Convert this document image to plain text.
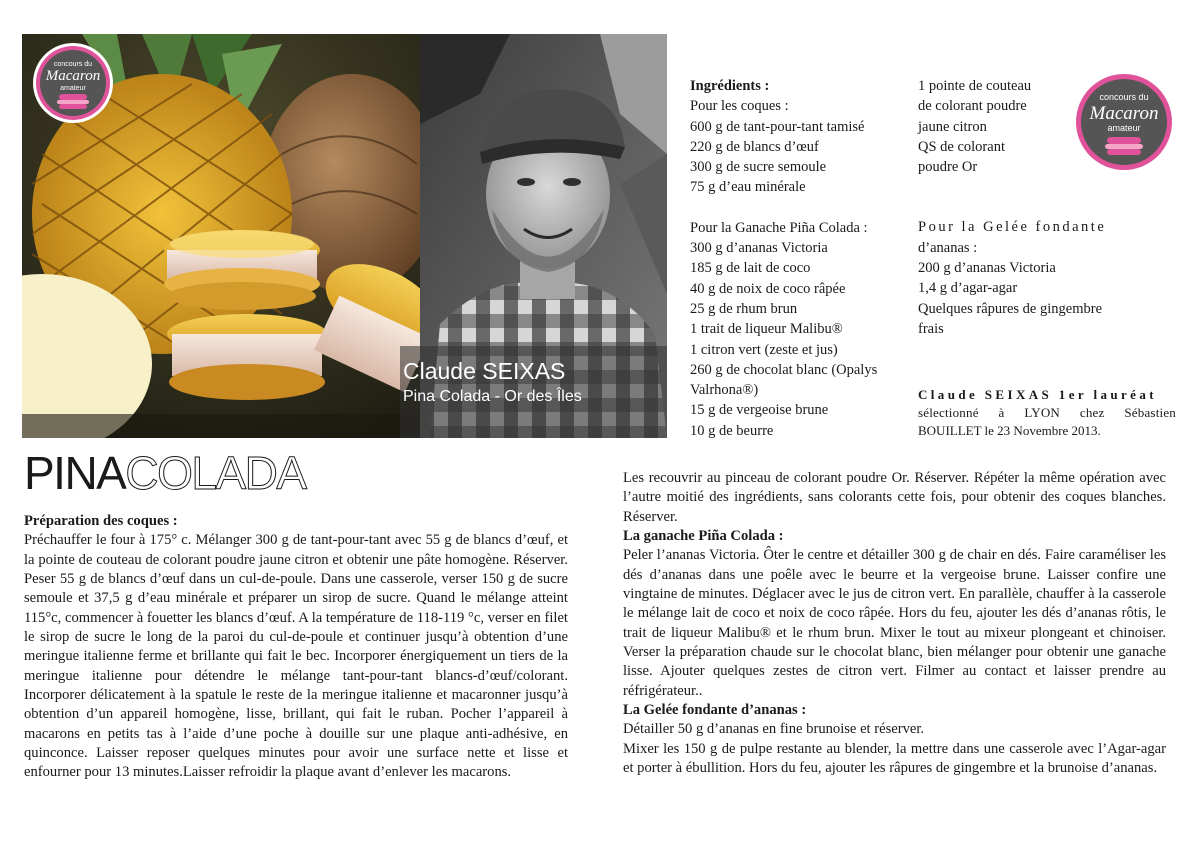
concours du
Macaron
amateur
Claude SEIXAS
Pina Colada - Or des Îles
Ingrédients :
Pour les coques :
600 g de tant-pour-tant tamisé
220 g de blancs d’œuf
300 g de sucre semoule
75 g d’eau minérale
Pour la Ganache Piña Colada :
300 g d’ananas Victoria
185 g de lait de coco
40 g de noix de coco râpée
25 g de rhum brun
1 trait de liqueur Malibu®
1 citron vert (zeste et jus)
260 g de chocolat blanc (Opalys
Valrhona®)
15 g de vergeoise brune
10 g de beurre
1 pointe de couteau
de colorant poudre
jaune citron
QS de colorant
poudre Or
Pour la Gelée fondante
d’ananas :
200 g d’ananas Victoria
1,4 g d’agar-agar
Quelques râpures de gingembre
frais
concours du
Macaron
amateur
Claude SEIXAS 1er lauréat
sélectionné à LYON chez Sébastien
BOUILLET le 23 Novembre 2013.
PINACOLADA
Préparation des coques :

Préchauffer le four à 175° c. Mélanger 300 g de tant-pour-tant avec 55 g de blancs d’œuf, et la pointe de couteau de colorant poudre jaune citron et obtenir une pâte homogène. Réserver. Peser 55 g de blancs d’œuf dans un cul-de-poule. Dans une casserole, verser 150 g de sucre semoule et 37,5 g d’eau minérale et préparer un sirop de sucre. Quand le mélange atteint 115°c, commencer à fouetter les blancs d’œuf. A la température de 118-119 °c, verser en filet le sirop de sucre le long de la paroi du cul-de-poule et continuer jusqu’à obtention d’une meringue italienne ferme et brillante qui fait le bec. Incorporer énergiquement un tiers de la meringue italienne pour détendre le mélange tant-pour-tant blancs-d’œuf/colorant. Incorporer délicatement à la spatule le reste de la meringue italienne et macaronner jusqu’à obtention d’un appareil homogène, lisse, brillant, qui fait le ruban. Pocher l’appareil à macarons en petits tas à l’aide d’une poche à douille sur une plaque anti-adhésive, en quinconce. Laisser reposer quelques minutes pour avoir une surface nette et lisse et enfourner pour 13 minutes.Laisser refroidir la plaque avant d’enlever les macarons.

Les recouvrir au pinceau de colorant poudre Or. Réserver. Répéter la même opération avec l’autre moitié des ingrédients, sans colorants cette fois, pour obtenir des coques blanches. Réserver.

La ganache Piña Colada :

Peler l’ananas Victoria. Ôter le centre et détailler 300 g de chair en dés. Faire caraméliser les dés d’ananas dans une poêle avec le beurre et la vergeoise brune. Laisser confire une vingtaine de minutes. Déglacer avec le jus de citron vert. En parallèle, chauffer à la casserole le mélange lait de coco et noix de coco râpée. Hors du feu, ajouter les dés d’ananas rôtis, le trait de liqueur Malibu® et le rhum brun. Mixer le tout au mixeur plongeant et chinoiser. Verser la préparation chaude sur le chocolat blanc, bien mélanger pour obtenir une ganache lisse. Ajouter quelques zestes de citron vert. Filmer au contact et laisser prendre au réfrigérateur..

La Gelée fondante d’ananas :

Détailler 50 g d’ananas en fine brunoise et réserver.

Mixer les 150 g de pulpe restante au blender, la mettre dans une casserole avec l’Agar-agar et porter à ébullition. Hors du feu, ajouter les râpures de gingembre et la brunoise d’ananas.
